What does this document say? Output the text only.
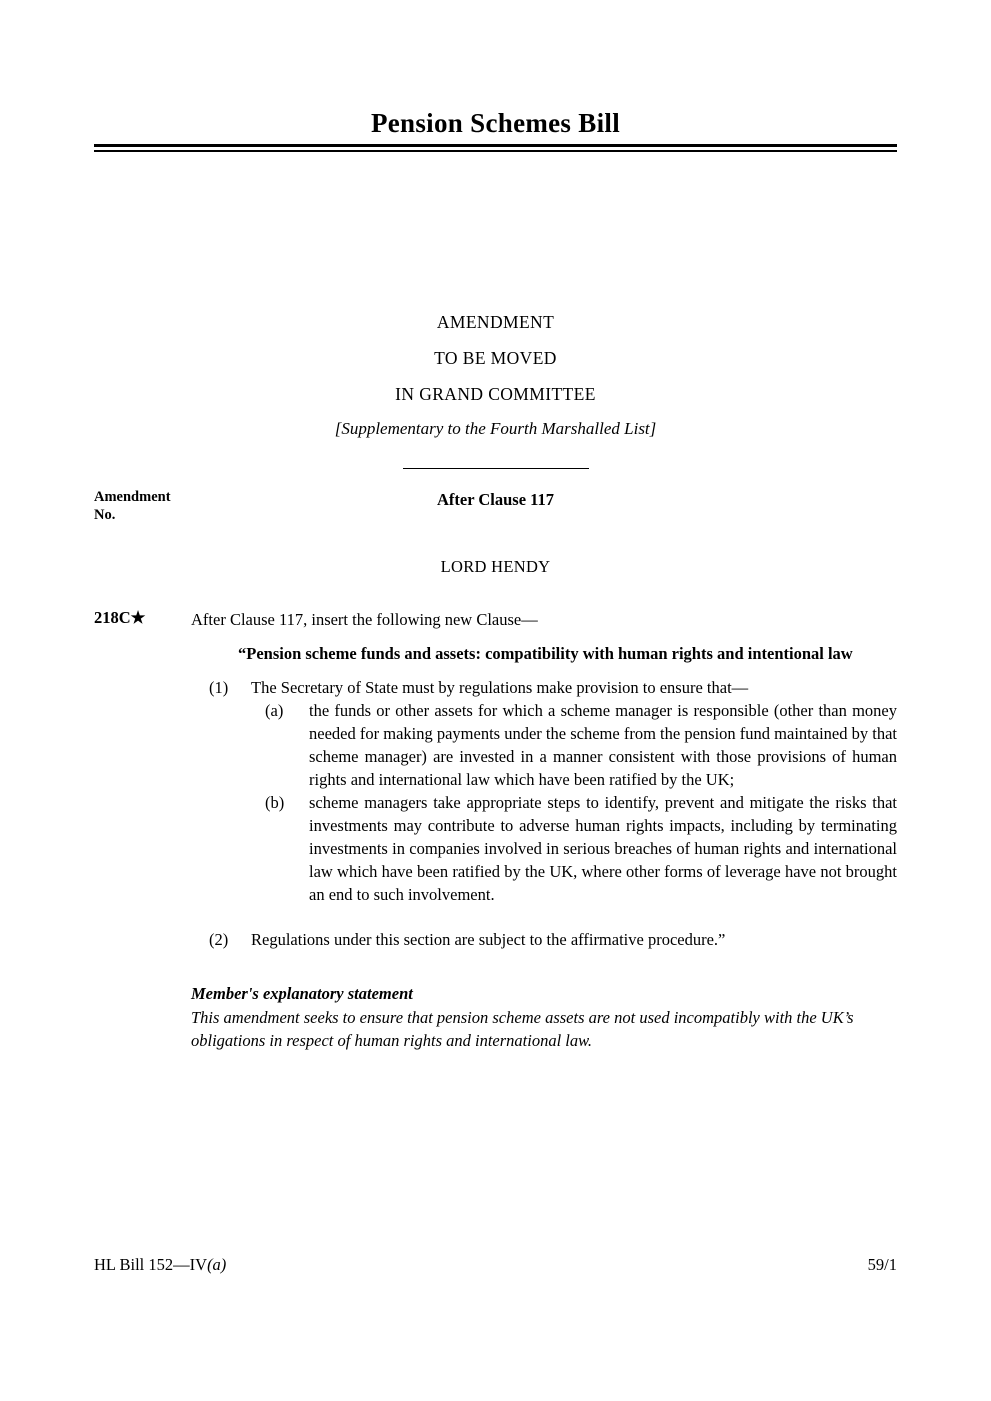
Pension Schemes Bill
AMENDMENT
TO BE MOVED
IN GRAND COMMITTEE
[Supplementary to the Fourth Marshalled List]
Amendment
No.
After Clause 117
LORD HENDY
218C★	After Clause 117, insert the following new Clause—
“Pension scheme funds and assets: compatibility with human rights and intentional law
(1) The Secretary of State must by regulations make provision to ensure that—
(a) the funds or other assets for which a scheme manager is responsible (other than money needed for making payments under the scheme from the pension fund maintained by that scheme manager) are invested in a manner consistent with those provisions of human rights and international law which have been ratified by the UK;
(b) scheme managers take appropriate steps to identify, prevent and mitigate the risks that investments may contribute to adverse human rights impacts, including by terminating investments in companies involved in serious breaches of human rights and international law which have been ratified by the UK, where other forms of leverage have not brought an end to such involvement.
(2) Regulations under this section are subject to the affirmative procedure.”
Member's explanatory statement
This amendment seeks to ensure that pension scheme assets are not used incompatibly with the UK’s obligations in respect of human rights and international law.
HL Bill 152—IV(a)	59/1
